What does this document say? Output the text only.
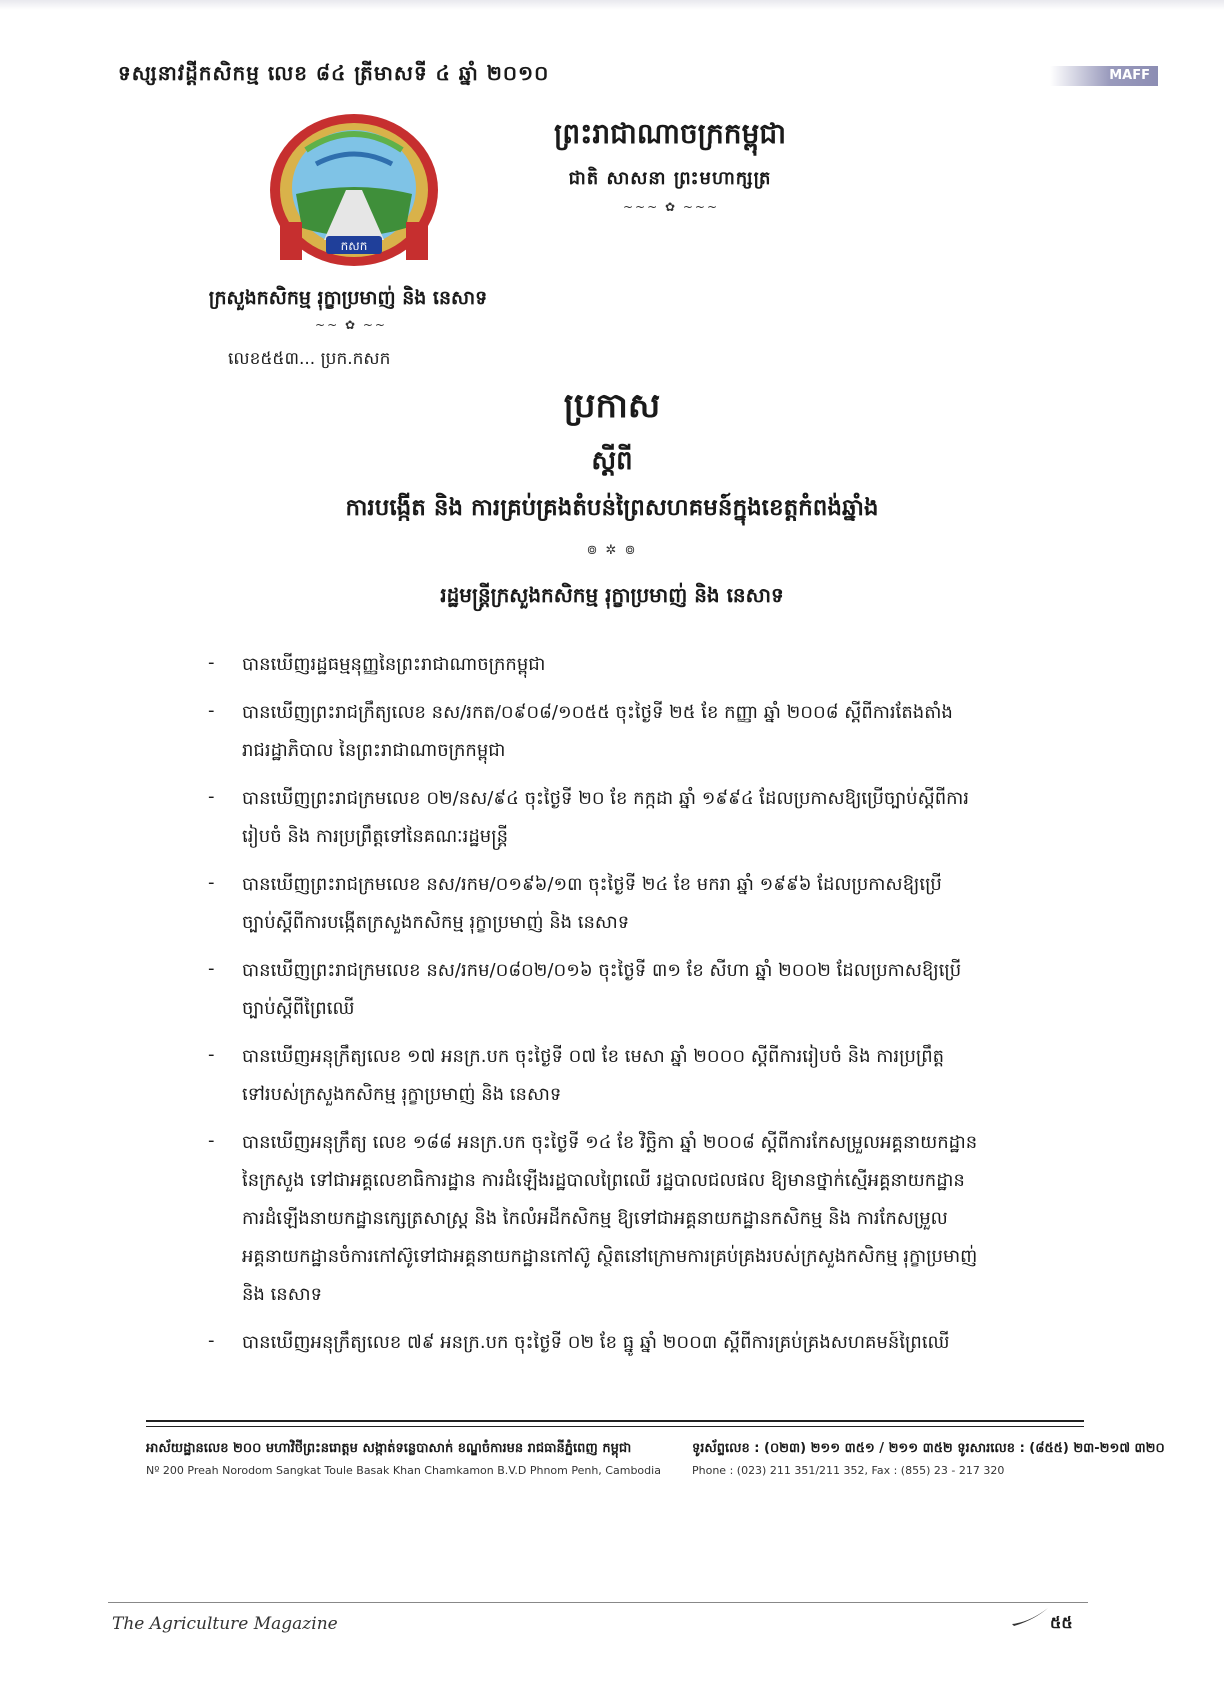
ទស្សនាវដ្តីកសិកម្ម លេខ ៨៤ ត្រីមាសទី ៤ ឆ្នាំ ២០១០	MAFF
កសក
ក្រសួងកសិកម្ម រុក្ខាប្រមាញ់ និង នេសាទ
~~ ✿ ~~
លេខ៥៥៣... ប្រក.កសក
ព្រះរាជាណាចក្រកម្ពុជា
ជាតិ សាសនា ព្រះមហាក្សត្រ
~~~ ✿ ~~~
ប្រកាស
ស្តីពី
ការបង្កើត និង ការគ្រប់គ្រងតំបន់ព្រៃសហគមន៍ក្នុងខេត្តកំពង់ឆ្នាំង
៙ ✲ ៙
រដ្ឋមន្ត្រីក្រសួងកសិកម្ម រុក្ខាប្រមាញ់ និង នេសាទ
- បានឃើញរដ្ឋធម្មនុញ្ញនៃព្រះរាជាណាចក្រកម្ពុជា
- បានឃើញព្រះរាជក្រឹត្យលេខ នស/រកត/០៩០៨/១០៥៥ ចុះថ្ងៃទី ២៥ ខែ កញ្ញា ឆ្នាំ ២០០៨ ស្តីពីការតែងតាំង
រាជរដ្ឋាភិបាល នៃព្រះរាជាណាចក្រកម្ពុជា
- បានឃើញព្រះរាជក្រមលេខ ០២/នស/៩៤ ចុះថ្ងៃទី ២០ ខែ កក្កដា ឆ្នាំ ១៩៩៤ ដែលប្រកាសឱ្យប្រើច្បាប់ស្តីពីការ
រៀបចំ និង ការប្រព្រឹត្តទៅនៃគណៈរដ្ឋមន្ត្រី
- បានឃើញព្រះរាជក្រមលេខ នស/រកម/០១៩៦/១៣ ចុះថ្ងៃទី ២៤ ខែ មករា ឆ្នាំ ១៩៩៦ ដែលប្រកាសឱ្យប្រើ
ច្បាប់ស្តីពីការបង្កើតក្រសួងកសិកម្ម រុក្ខាប្រមាញ់ និង នេសាទ
- បានឃើញព្រះរាជក្រមលេខ នស/រកម/០៨០២/០១៦ ចុះថ្ងៃទី ៣១ ខែ សីហា ឆ្នាំ ២០០២ ដែលប្រកាសឱ្យប្រើ
ច្បាប់ស្តីពីព្រៃឈើ
- បានឃើញអនុក្រឹត្យលេខ ១៧ អនក្រ.បក ចុះថ្ងៃទី ០៧ ខែ មេសា ឆ្នាំ ២០០០ ស្តីពីការរៀបចំ និង ការប្រព្រឹត្ត
ទៅរបស់ក្រសួងកសិកម្ម រុក្ខាប្រមាញ់ និង នេសាទ
- បានឃើញអនុក្រឹត្យ លេខ ១៨៨ អនក្រ.បក ចុះថ្ងៃទី ១៤ ខែ វិច្ឆិកា ឆ្នាំ ២០០៨ ស្តីពីការកែសម្រួលអគ្គនាយកដ្ឋាន
នៃក្រសួង ទៅជាអគ្គលេខាធិការដ្ឋាន ការដំឡើងរដ្ឋបាលព្រៃឈើ រដ្ឋបាលជលផល ឱ្យមានថ្នាក់ស្មើអគ្គនាយកដ្ឋាន
ការដំឡើងនាយកដ្ឋានក្សេត្រសាស្ត្រ និង កៃលំអដីកសិកម្ម ឱ្យទៅជាអគ្គនាយកដ្ឋានកសិកម្ម និង ការកែសម្រួល
អគ្គនាយកដ្ឋានចំការកៅស៊ូទៅជាអគ្គនាយកដ្ឋានកៅស៊ូ ស្ថិតនៅក្រោមការគ្រប់គ្រងរបស់ក្រសួងកសិកម្ម រុក្ខាប្រមាញ់
និង នេសាទ
- បានឃើញអនុក្រឹត្យលេខ ៧៩ អនក្រ.បក ចុះថ្ងៃទី ០២ ខែ ធ្នូ ឆ្នាំ ២០០៣ ស្តីពីការគ្រប់គ្រងសហគមន៍ព្រៃឈើ
អាស័យដ្ឋានលេខ ២០០ មហាវិថីព្រះនរោត្តម សង្កាត់ទន្លេបាសាក់ ខណ្ឌចំការមន រាជធានីភ្នំពេញ កម្ពុជា
Nº 200 Preah Norodom Sangkat Toule Basak Khan Chamkamon B.V.D Phnom Penh, Cambodia
ទូរស័ព្ទលេខ : (០២៣) ២១១ ៣៥១ / ២១១ ៣៥២ ទូរសារលេខ : (៨៥៥) ២៣-២១៧ ៣២០
Phone : (023) 211 351/211 352, Fax : (855) 23 - 217 320
The Agriculture Magazine	៥៥
